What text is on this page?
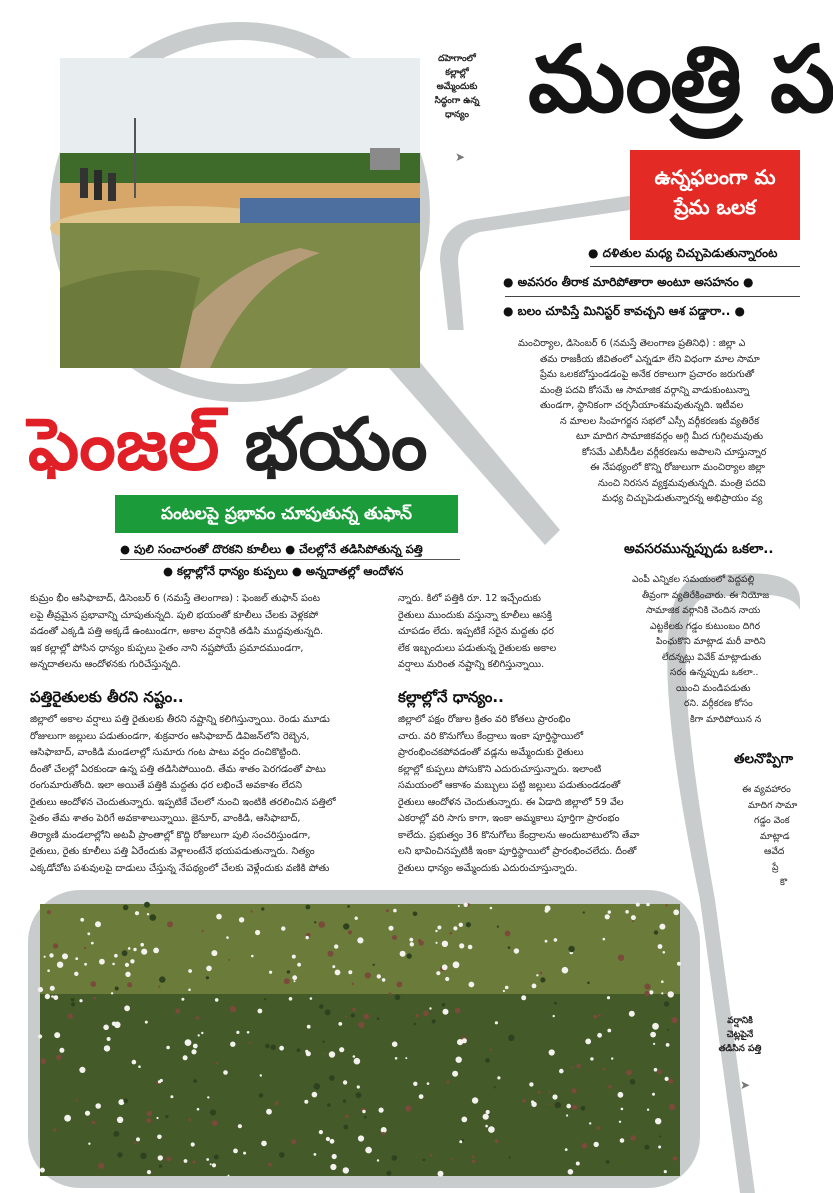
దహెగాంలో
కల్లాల్లో
అమ్మేందుకు
సిద్ధంగా ఉన్న
ధాన్యం
➤
మంత్రి ప
ఉన్నఫలంగా మ
ప్రేమ ఒలక
● దళితుల మధ్య చిచ్చుపెడుతున్నారంట
● అవసరం తీరాక మారిపోతారా అంటూ అసహనం ●
● బలం చూపిస్తే మినిస్టర్ కావచ్చని ఆశ పడ్డారా.. ●
మంచిర్యాల, డిసెంబర్ 6 (నమస్తే తెలంగాణ ప్రతినిధి) : జిల్లా ఎ
తమ రాజకీయ జీవితంలో ఎన్నడూ లేని విధంగా మాల సామా
ప్రేమ ఒలకబోస్తుండడంపై అనేక రకాలుగా ప్రచారం జరుగుతో
మంత్రి పదవి కోసమే ఆ సామాజిక వర్గాన్ని వాడుకుంటున్నా
తుండగా, స్థానికంగా చర్చనీయాంశమవుతున్నది. ఇటీవల
న మాలల సింహగర్జన సభలో ఎస్సీ వర్గీకరణకు వ్యతిరేక
టూ మాదిగ సామాజికవర్గం అగ్గి మీద గుగ్గిలమవుతు
కోసమే ఎబీసీడీల వర్గీకరణను అపాలని చూస్తున్నార
ఈ నేపథ్యంలో కొన్ని రోజులుగా మంచిర్యాల జిల్లా
నుంచి నిరసన వ్యక్తమవుతున్నది. మంత్రి పదవి
మధ్య చిచ్చుపెడుతున్నారన్న అభిప్రాయం వ్య
అవసరమున్నప్పుడు ఒకలా..
ఎంపీ ఎన్నికల సమయంలో పెద్దపల్లి
తీవ్రంగా వ్యతిరేకించారు. ఈ నియోజ
సామాజిక వర్గానికి చెందిన నాయ
ఎట్టకేలకు గడ్డం కుటుంబం దిగిర
పింఛుకొని మాట్లాడ మరీ వారిని
లేదన్నట్లు వివేక్ మాట్లాడుతు
సరం ఉన్నప్పుడు ఒకలా..
యించి మండిపడుతు
రని. వర్గీకరణ కోసం
కిగా మారిపోయిన న
తలనొప్పిగా
ఈ వ్యవహారం
మాదిగ సామా
గడ్డం వెంక
మాట్లాడ
ఆవేద
ప్రే
కొ
ఫెంజల్ భయం
పంటలపై ప్రభావం చూపుతున్న తుఫాన్
● పులి సంచారంతో దొరకని కూలీలు ● చేలల్లోనే తడిసిపోతున్న పత్తి
● కల్లాల్లోనే ధాన్యం కుప్పలు ● అన్నదాతల్లో ఆందోళన

కుమ్రం భీం ఆసిఫాబాద్, డిసెంబర్ 6 (నమస్తే తెలంగాణ) : ఫెంజల్ తుఫాన్ పంట

లపై తీవ్రమైన ప్రభావాన్ని చూపుతున్నది. పులి భయంతో కూలీలు చేలకు వెళ్లకపో

వడంతో ఎక్కడి పత్తి అక్కడే ఉంటుండగా, అకాల వర్షానికి తడిసి ముద్దవుతున్నది.

ఇక కల్లాల్లో పోసిన ధాన్యం కుప్పలు సైతం నాని నష్టపోయే ప్రమాదముండగా,

అన్నదాతలను ఆందోళనకు గురిచేస్తున్నది.

పత్తిరైతులకు తీరని నష్టం..

జిల్లాలో అకాల వర్షాలు పత్తి రైతులకు తీరని నష్టాన్ని కలిగిస్తున్నాయి. రెండు మూడు

రోజులుగా జల్లులు పడుతుండగా, శుక్రవారం ఆసిఫాబాద్ డివిజన్‌లోని రెబ్బెన,

ఆసిఫాబాద్, వాంకిడి మండలాల్లో సుమారు గంట పాటు వర్షం దంచికొట్టింది.

దీంతో చేలల్లో ఏరకుండా ఉన్న పత్తి తడిసిపోయింది. తేమ శాతం పెరగడంతో పాటు

రంగుమారుతోంది. ఇలా అయితే పత్తికి మద్దతు ధర లభించే అవకాశం లేదని

రైతులు ఆందోళన చెందుతున్నారు. ఇప్పటికే చేలలో నుంచి ఇంటికి తరలించిన పత్తిలో

సైతం తేమ శాతం పెరిగే అవకాశాలున్నాయి. జైనూర్, వాంకిడి, ఆసిఫాబాద్,

తిర్యాణి మండలాల్లోని అటవీ ప్రాంతాల్లో కొద్ది రోజులుగా పులి సంచరిస్తుండగా,

రైతులు, రైతు కూలీలు పత్తి ఏరేందుకు వెళ్లాలంటేనే భయపడుతున్నారు. నిత్యం

ఎక్కడోచోట పశువులపై దాడులు చేస్తున్న నేపథ్యంలో చేలకు వెళ్లేందుకు వణికి పోతు

న్నారు. కిలో పత్తికి రూ. 12 ఇచ్చేందుకు

రైతులు ముందుకు వస్తున్నా కూలీలు ఆసక్తి

చూపడం లేదు. ఇప్పటికే సరైన మద్దతు ధర

లేక ఇబ్బందులు పడుతున్న రైతులకు అకాల

వర్షాలు మరింత నష్టాన్ని కలిగిస్తున్నాయి.

కల్లాల్లోనే ధాన్యం..

జిల్లాలో పక్షం రోజుల క్రితం వరి కోతలు ప్రారంభిం

చారు. వరి కొనుగోలు కేంద్రాలు ఇంకా పూర్తిస్థాయిలో

ప్రారంభించకపోవడంతో వడ్లను అమ్మేందుకు రైతులు

కల్లాల్లో కుప్పలు పోసుకొని ఎదురుచూస్తున్నారు. ఇలాంటి

సమయంలో ఆకాశం మబ్బులు పట్టి జల్లులు పడుతుండడంతో

రైతులు ఆందోళన చెందుతున్నారు. ఈ ఏడాది జిల్లాలో 59 వేల

ఎకరాల్లో వరి సాగు కాగా, ఇంకా అమ్మకాలు పూర్తిగా ప్రారంభం

కాలేదు. ప్రభుత్వం 36 కొనుగోలు కేంద్రాలను అందుబాటులోని తేవా

లని భావించినప్పటికీ ఇంకా పూర్తిస్థాయిలో ప్రారంభించలేదు. దీంతో

రైతులు ధాన్యం అమ్మేందుకు ఎదురుచూస్తున్నారు.

వర్షానికి
చెట్లపైనే
తడిసిన పత్తి
➤
